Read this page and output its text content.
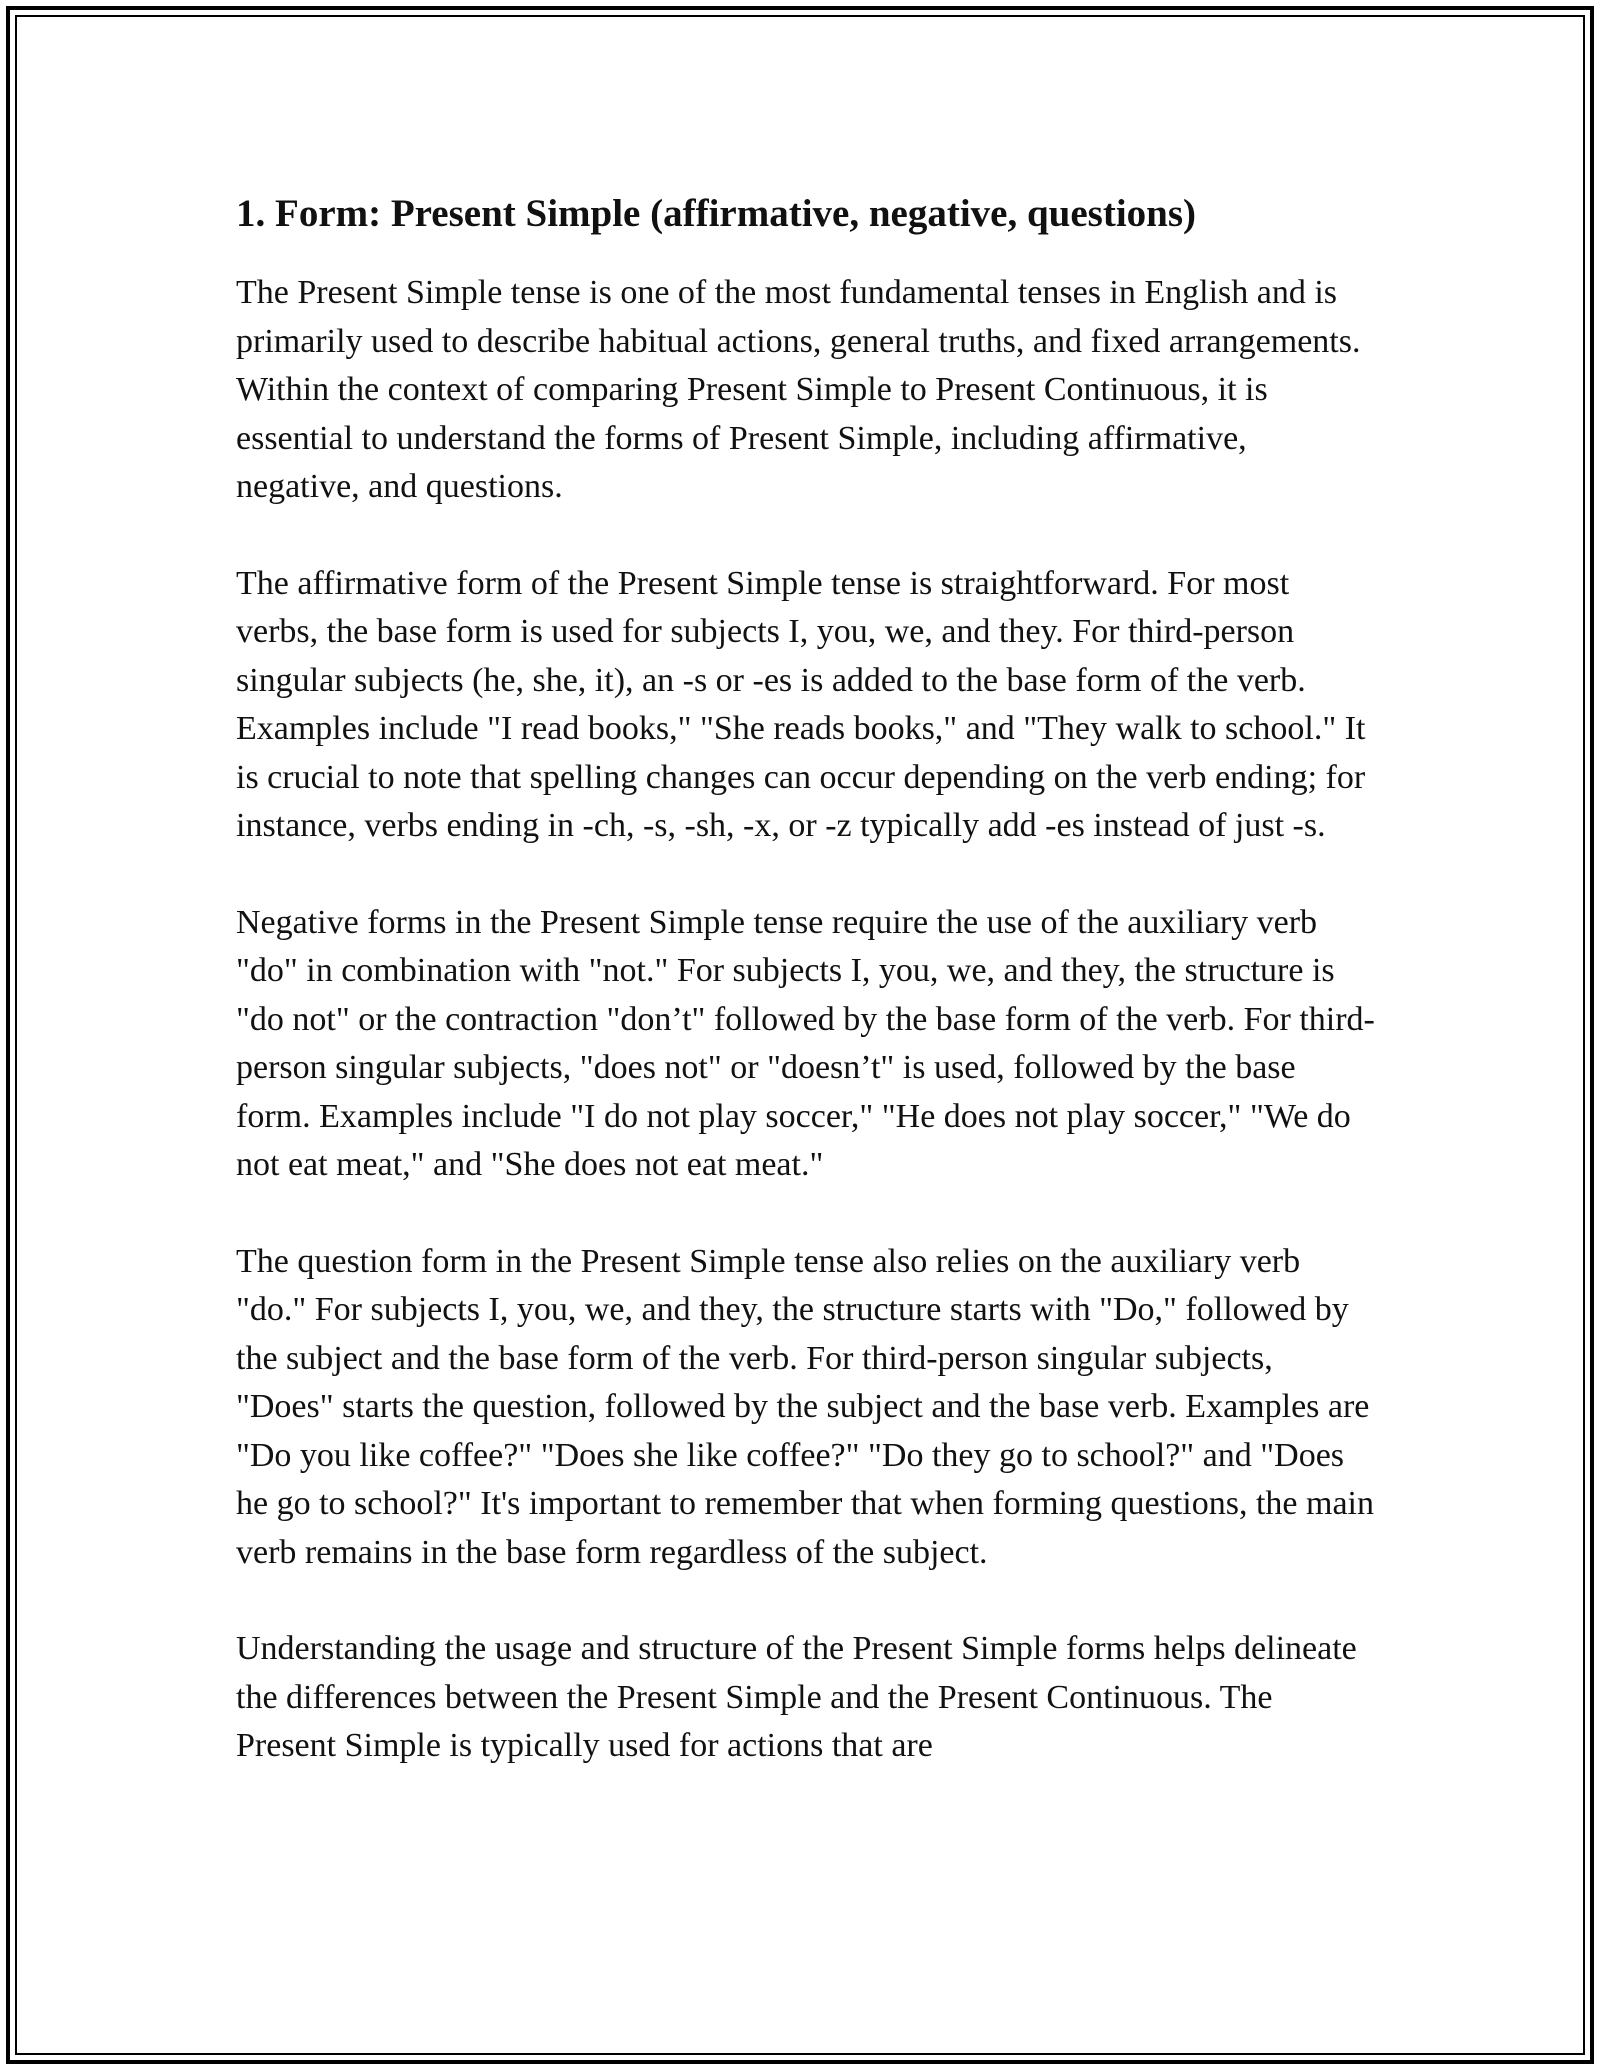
1. Form: Present Simple (affirmative, negative, questions)

The Present Simple tense is one of the most fundamental tenses in English and is primarily used to describe habitual actions, general truths, and fixed arrangements. Within the context of comparing Present Simple to Present Continuous, it is essential to understand the forms of Present Simple, including affirmative, negative, and questions.

The affirmative form of the Present Simple tense is straightforward. For most verbs, the base form is used for subjects I, you, we, and they. For third-person singular subjects (he, she, it), an -s or -es is added to the base form of the verb. Examples include "I read books," "She reads books," and "They walk to school." It is crucial to note that spelling changes can occur depending on the verb ending; for instance, verbs ending in -ch, -s, -sh, -x, or -z typically add -es instead of just -s.

Negative forms in the Present Simple tense require the use of the auxiliary verb "do" in combination with "not." For subjects I, you, we, and they, the structure is "do not" or the contraction "don’t" followed by the base form of the verb. For third-person singular subjects, "does not" or "doesn’t" is used, followed by the base form. Examples include "I do not play soccer," "He does not play soccer," "We do not eat meat," and "She does not eat meat."

The question form in the Present Simple tense also relies on the auxiliary verb "do." For subjects I, you, we, and they, the structure starts with "Do," followed by the subject and the base form of the verb. For third-person singular subjects, "Does" starts the question, followed by the subject and the base verb. Examples are "Do you like coffee?" "Does she like coffee?" "Do they go to school?" and "Does he go to school?" It's important to remember that when forming questions, the main verb remains in the base form regardless of the subject.

Understanding the usage and structure of the Present Simple forms helps delineate the differences between the Present Simple and the Present Continuous. The Present Simple is typically used for actions that are
